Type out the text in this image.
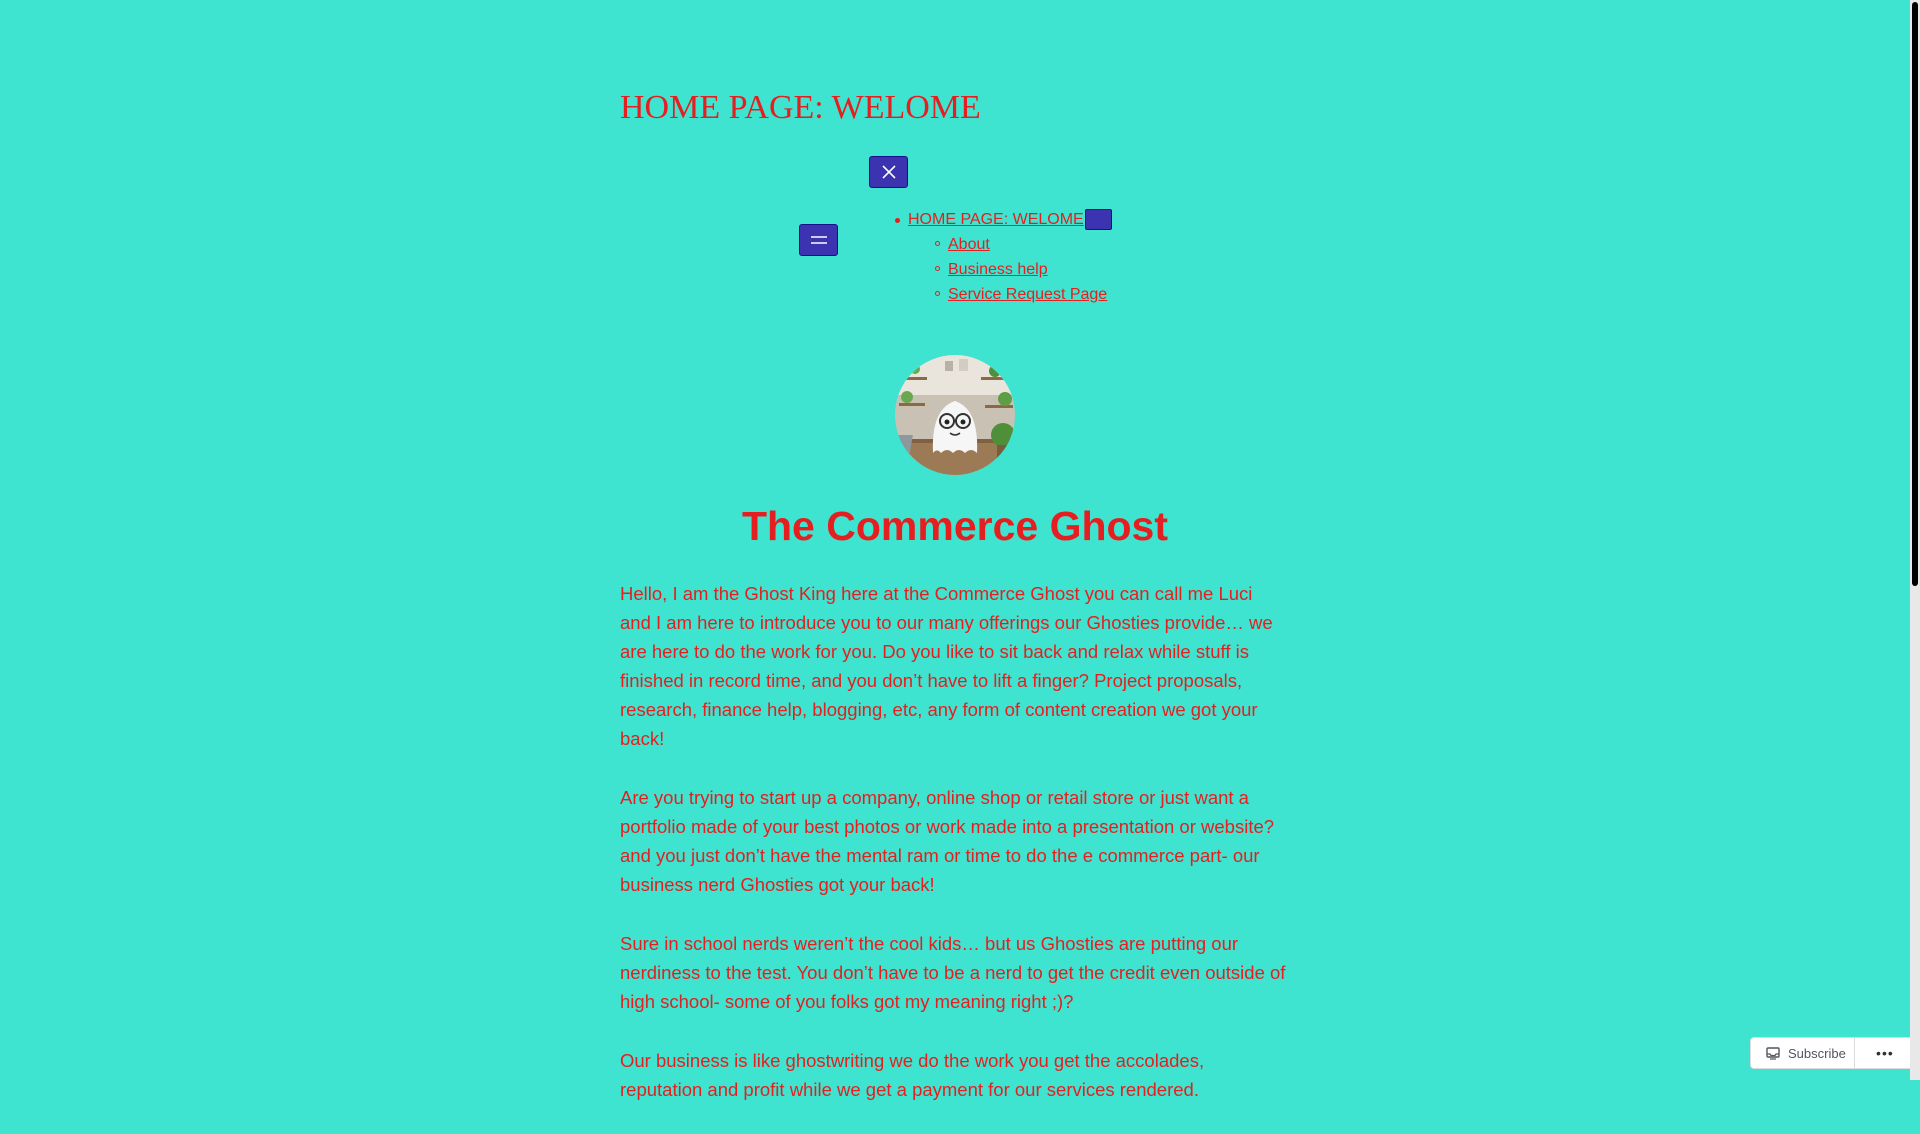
HOME PAGE: WELOME
HOME PAGE: WELOME
About
Business help
Service Request Page
The Commerce Ghost

Hello, I am the Ghost King here at the Commerce Ghost you can call me Luci and I am here to introduce you to our many offerings our Ghosties provide… we are here to do the work for you. Do you like to sit back and relax while stuff is finished in record time, and you don’t have to lift a finger? Project proposals, research, finance help, blogging, etc, any form of content creation we got your back!

Are you trying to start up a company, online shop or retail store or just want a portfolio made of your best photos or work made into a presentation or website? and you just don’t have the mental ram or time to do the e commerce part- our business nerd Ghosties got your back!

Sure in school nerds weren’t the cool kids… but us Ghosties are putting our nerdiness to the test. You don’t have to be a nerd to get the credit even outside of high school- some of you folks got my meaning right ;)?

Our business is like ghostwriting we do the work you get the accolades, reputation and profit while we get a payment for our services rendered.

Subscribe	•••
